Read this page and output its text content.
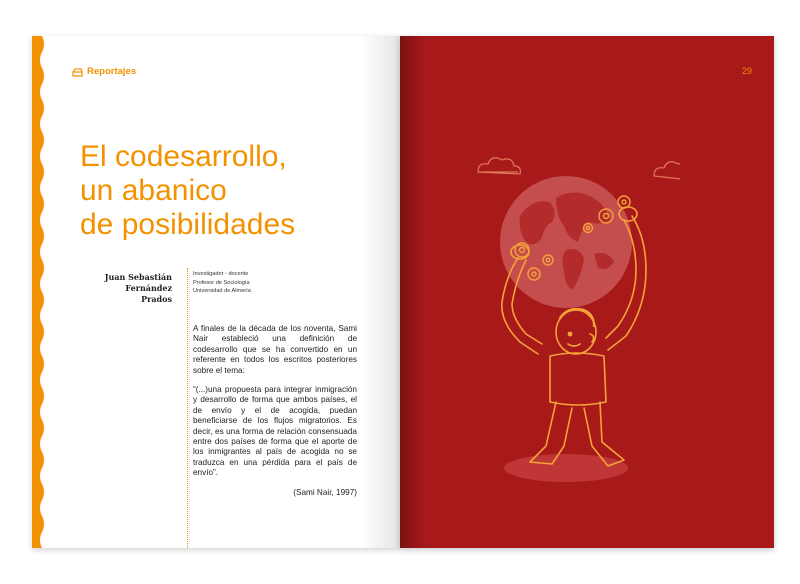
Reportajes
El codesarrollo,
un abanico
de posibilidades
Juan Sebastián
Fernández Prados
Investigador - docente
Profesor de Sociología
Universidad de Almería

A finales de la década de los noventa, Sami Nair estableció una definición de codesarrollo que se ha convertido en un referente en todos los escritos posteriores sobre el tema:

“(...)una propuesta para integrar inmigración y desarrollo de forma que ambos países, el de envío y el de acogida, puedan beneficiarse de los flujos migratorios. Es decir, es una forma de relación consensuada entre dos países de forma que el aporte de los inmigrantes al país de acogida no se traduzca en una pérdida para el país de envío”.

(Sami Nair, 1997)

29
